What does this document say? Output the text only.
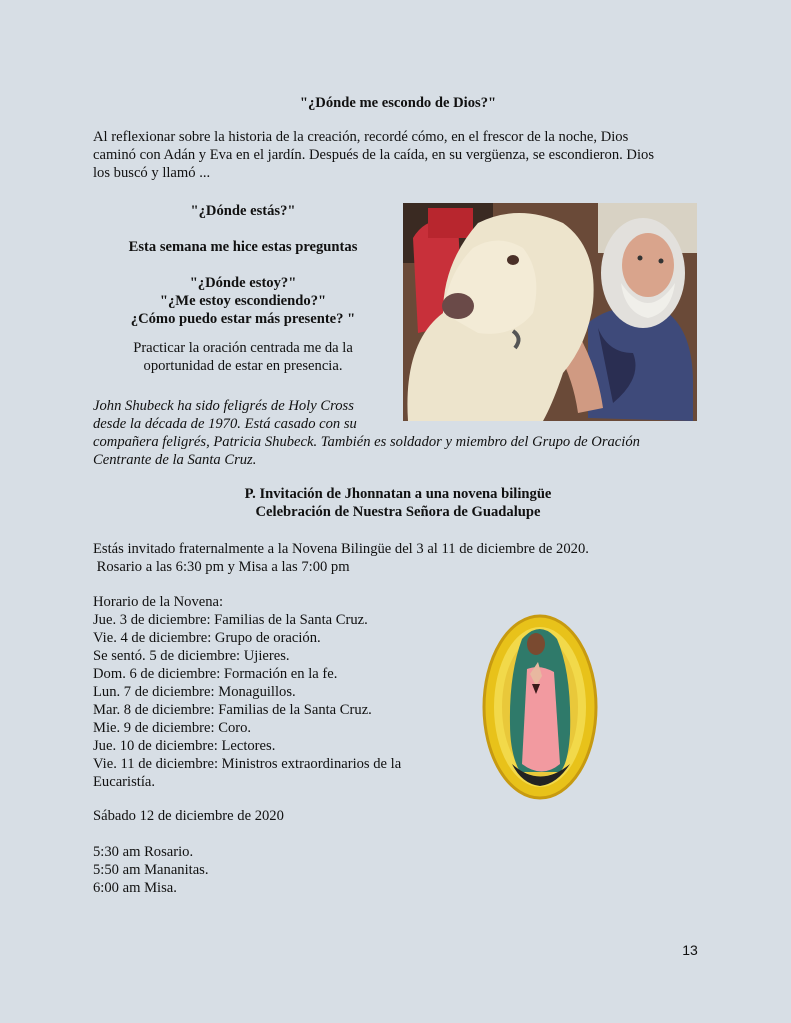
"¿Dónde me escondo de Dios?"
Al reflexionar sobre la historia de la creación, recordé cómo, en el frescor de la noche, Dios
caminó con Adán y Eva en el jardín. Después de la caída, en su vergüenza, se escondieron. Dios
los buscó y llamó ...

"¿Dónde estás?"

Esta semana me hice estas preguntas

"¿Dónde estoy?"

"¿Me estoy escondiendo?"

¿Cómo puedo estar más presente? "

Practicar la oración centrada me da la

oportunidad de estar en presencia.

John Shubeck ha sido feligrés de Holy Cross
desde la década de 1970. Está casado con su
compañera feligrés, Patricia Shubeck. También es soldador y miembro del Grupo de Oración
Centrante de la Santa Cruz.
P. Invitación de Jhonnatan a una novena bilingüe
Celebración de Nuestra Señora de Guadalupe
Estás invitado fraternalmente a la Novena Bilingüe del 3 al 11 de diciembre de 2020.
Rosario a las 6:30 pm y Misa a las 7:00 pm
Horario de la Novena:
Jue. 3 de diciembre: Familias de la Santa Cruz.
Vie. 4 de diciembre: Grupo de oración.
Se sentó. 5 de diciembre: Ujieres.
Dom. 6 de diciembre: Formación en la fe.
Lun. 7 de diciembre: Monaguillos.
Mar. 8 de diciembre: Familias de la Santa Cruz.
Mie. 9 de diciembre: Coro.
Jue. 10 de diciembre: Lectores.
Vie. 11 de diciembre: Ministros extraordinarios de la
Eucaristía.
Sábado 12 de diciembre de 2020
5:30 am Rosario.
5:50 am Mananitas.
6:00 am Misa.
13
